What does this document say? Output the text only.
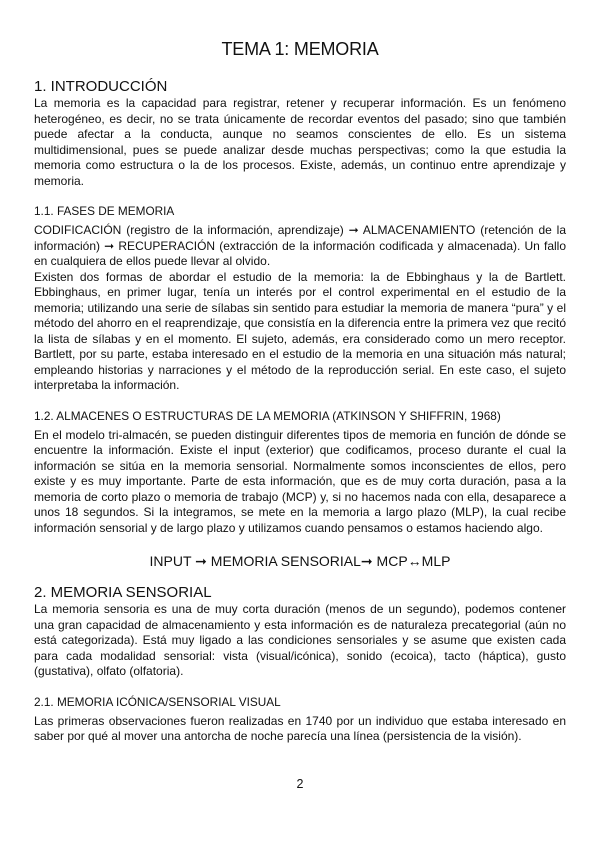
TEMA 1: MEMORIA
1. INTRODUCCIÓN

La memoria es la capacidad para registrar, retener y recuperar información. Es un fenómeno heterogéneo, es decir, no se trata únicamente de recordar eventos del pasado; sino que también puede afectar a la conducta, aunque no seamos conscientes de ello. Es un sistema multidimensional, pues se puede analizar desde muchas perspectivas; como la que estudia la memoria como estructura o la de los procesos. Existe, además, un continuo entre aprendizaje y memoria.

1.1. FASES DE MEMORIA

CODIFICACIÓN (registro de la información, aprendizaje) ➞ ALMACENAMIENTO (retención de la información) ➞ RECUPERACIÓN (extracción de la información codificada y almacenada). Un fallo en cualquiera de ellos puede llevar al olvido.

Existen dos formas de abordar el estudio de la memoria: la de Ebbinghaus y la de Bartlett. Ebbinghaus, en primer lugar, tenía un interés por el control experimental en el estudio de la memoria; utilizando una serie de sílabas sin sentido para estudiar la memoria de manera “pura” y el método del ahorro en el reaprendizaje, que consistía en la diferencia entre la primera vez que recitó la lista de sílabas y en el momento. El sujeto, además, era considerado como un mero receptor. Bartlett, por su parte, estaba interesado en el estudio de la memoria en una situación más natural; empleando historias y narraciones y el método de la reproducción serial. En este caso, el sujeto interpretaba la información.

1.2. ALMACENES O ESTRUCTURAS DE LA MEMORIA (ATKINSON Y SHIFFRIN, 1968)

En el modelo tri-almacén, se pueden distinguir diferentes tipos de memoria en función de dónde se encuentre la información. Existe el input (exterior) que codificamos, proceso durante el cual la información se sitúa en la memoria sensorial. Normalmente somos inconscientes de ellos, pero existe y es muy importante. Parte de esta información, que es de muy corta duración, pasa a la memoria de corto plazo o memoria de trabajo (MCP) y, si no hacemos nada con ella, desaparece a unos 18 segundos. Si la integramos, se mete en la memoria a largo plazo (MLP), la cual recibe información sensorial y de largo plazo y utilizamos cuando pensamos o estamos haciendo algo.

INPUT ➞ MEMORIA SENSORIAL➞ MCP↔MLP
2. MEMORIA SENSORIAL

La memoria sensoria es una de muy corta duración (menos de un segundo), podemos contener una gran capacidad de almacenamiento y esta información es de naturaleza precategorial (aún no está categorizada). Está muy ligado a las condiciones sensoriales y se asume que existen cada para cada modalidad sensorial: vista (visual/icónica), sonido (ecoica), tacto (háptica), gusto (gustativa), olfato (olfatoria).

2.1. MEMORIA ICÓNICA/SENSORIAL VISUAL

Las primeras observaciones fueron realizadas en 1740 por un individuo que estaba interesado en saber por qué al mover una antorcha de noche parecía una línea (persistencia de la visión).

2
